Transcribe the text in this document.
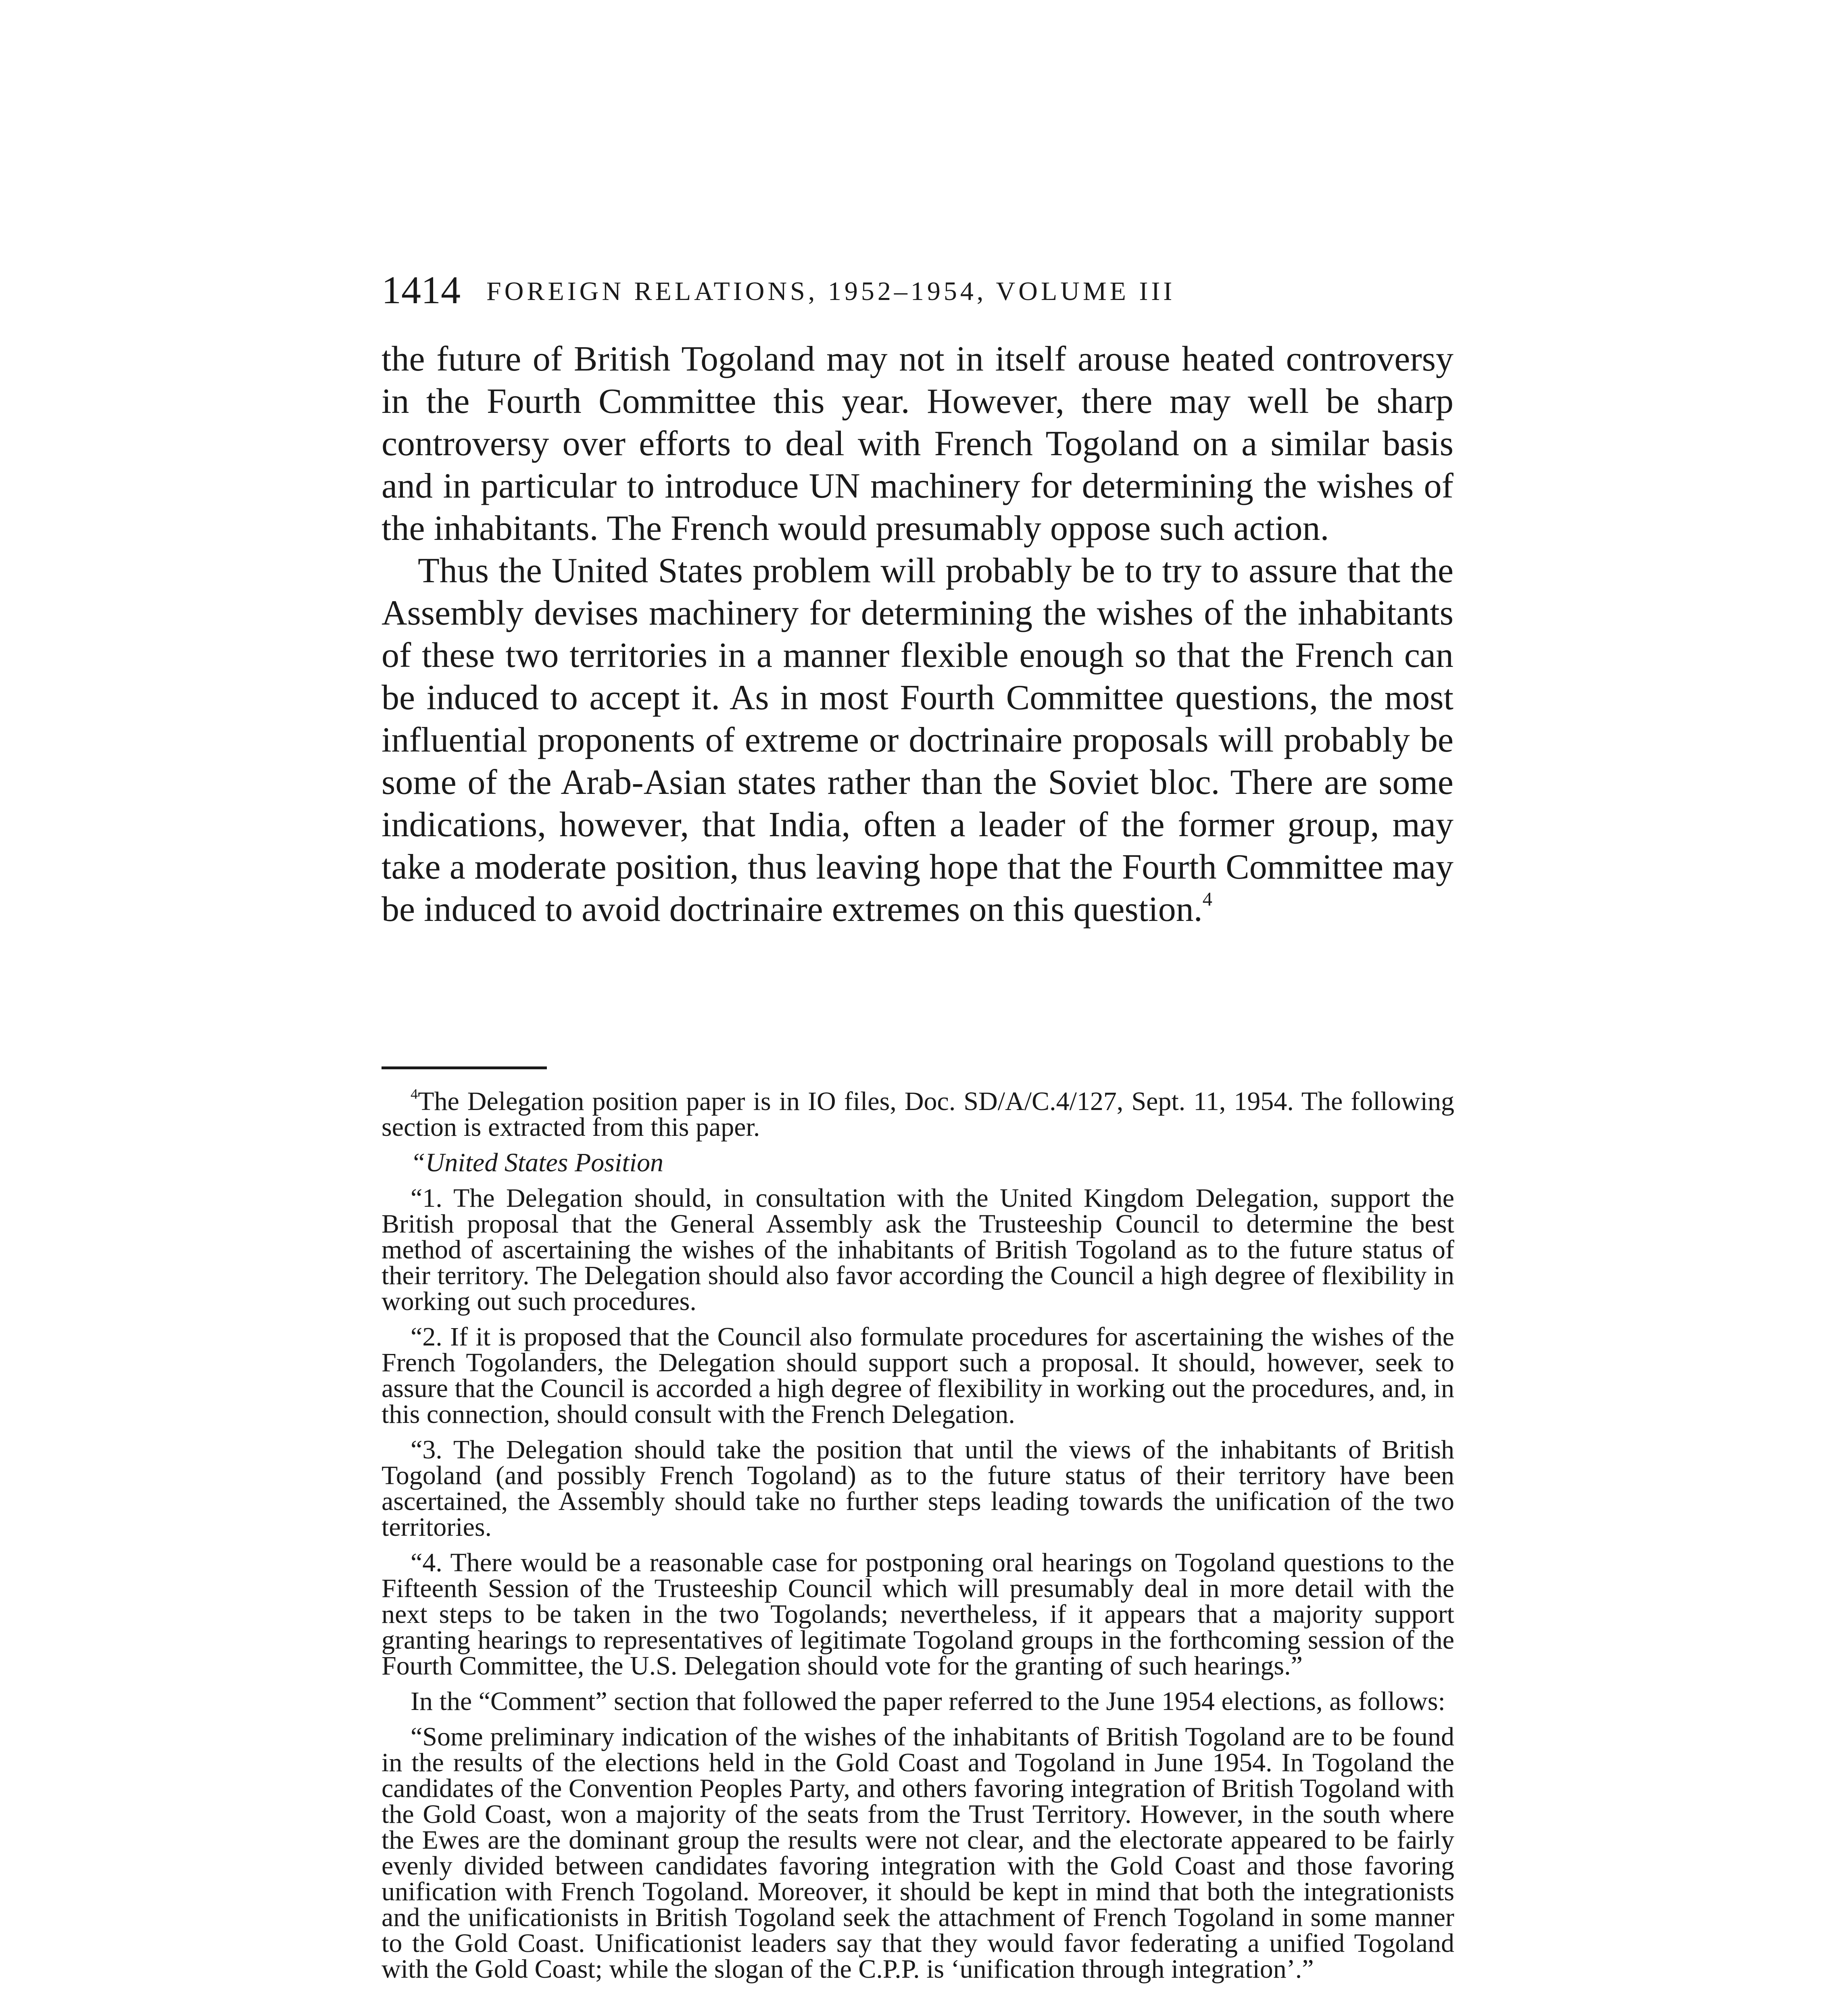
1414 FOREIGN RELATIONS, 1952–1954, VOLUME III

the future of British Togoland may not in itself arouse heated controversy in the Fourth Committee this year. However, there may well be sharp controversy over efforts to deal with French Togoland on a similar basis and in particular to introduce UN machinery for determining the wishes of the inhabitants. The French would presumably oppose such action.

Thus the United States problem will probably be to try to assure that the Assembly devises machinery for determining the wishes of the inhabitants of these two territories in a manner flexible enough so that the French can be induced to accept it. As in most Fourth Committee questions, the most influential proponents of extreme or doctrinaire proposals will probably be some of the Arab-Asian states rather than the Soviet bloc. There are some indications, however, that India, often a leader of the former group, may take a moderate position, thus leaving hope that the Fourth Committee may be induced to avoid doctrinaire extremes on this question.$^4$

$^4$The Delegation position paper is in IO files, Doc. SD/A/C.4/127, Sept. 11, 1954. The following section is extracted from this paper.

“United States Position

“1. The Delegation should, in consultation with the United Kingdom Delegation, support the British proposal that the General Assembly ask the Trusteeship Council to determine the best method of ascertaining the wishes of the inhabitants of British Togoland as to the future status of their territory. The Delegation should also favor according the Council a high degree of flexibility in working out such procedures.

“2. If it is proposed that the Council also formulate procedures for ascertaining the wishes of the French Togolanders, the Delegation should support such a proposal. It should, however, seek to assure that the Council is accorded a high degree of flexibility in working out the procedures, and, in this connection, should consult with the French Delegation.

“3. The Delegation should take the position that until the views of the inhabitants of British Togoland (and possibly French Togoland) as to the future status of their territory have been ascertained, the Assembly should take no further steps leading towards the unification of the two territories.

“4. There would be a reasonable case for postponing oral hearings on Togoland questions to the Fifteenth Session of the Trusteeship Council which will presumably deal in more detail with the next steps to be taken in the two Togolands; nevertheless, if it appears that a majority support granting hearings to representatives of legitimate Togoland groups in the forthcoming session of the Fourth Committee, the U.S. Delegation should vote for the granting of such hearings.”

In the “Comment” section that followed the paper referred to the June 1954 elections, as follows:

“Some preliminary indication of the wishes of the inhabitants of British Togoland are to be found in the results of the elections held in the Gold Coast and Togoland in June 1954. In Togoland the candidates of the Convention Peoples Party, and others favoring integration of British Togoland with the Gold Coast, won a majority of the seats from the Trust Territory. However, in the south where the Ewes are the dominant group the results were not clear, and the electorate appeared to be fairly evenly divided between candidates favoring integration with the Gold Coast and those favoring unification with French Togoland. Moreover, it should be kept in mind that both the integrationists and the unificationists in British Togoland seek the attachment of French Togoland in some manner to the Gold Coast. Unificationist leaders say that they would favor federating a unified Togoland with the Gold Coast; while the slogan of the C.P.P. is ‘unification through integration’.”
